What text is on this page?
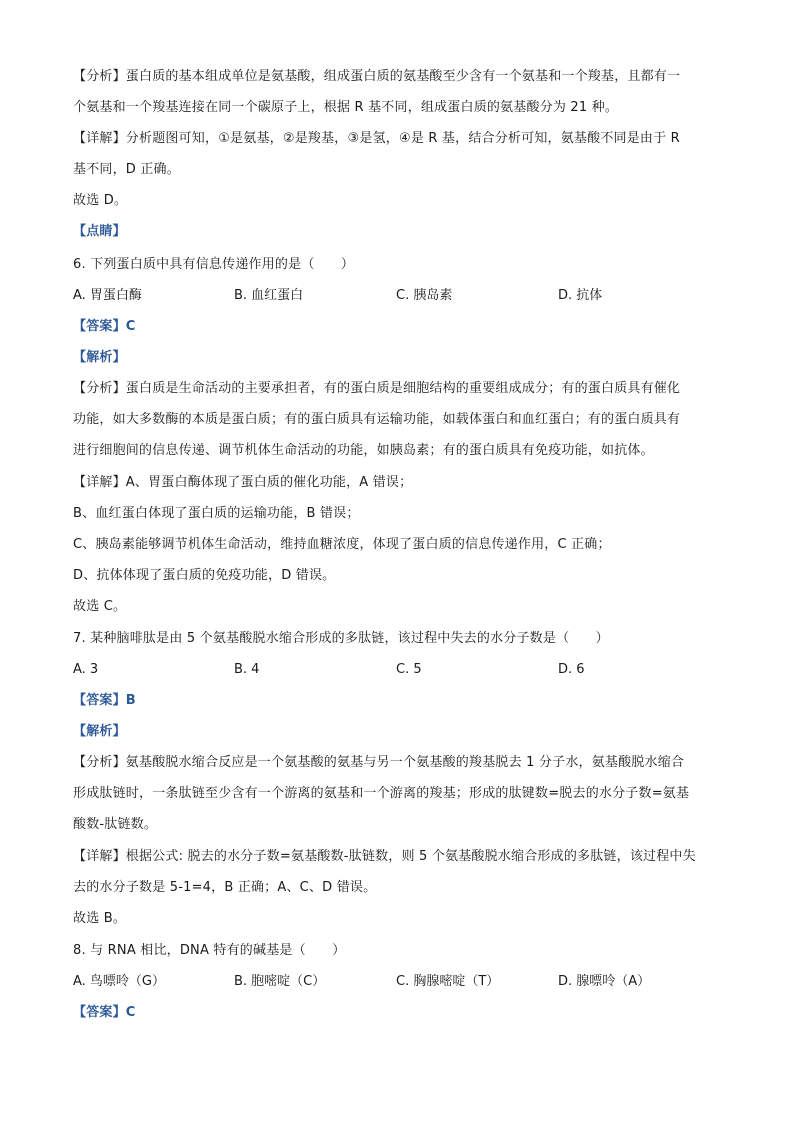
【分析】蛋白质的基本组成单位是氨基酸，组成蛋白质的氨基酸至少含有一个氨基和一个羧基，且都有一
个氨基和一个羧基连接在同一个碳原子上，根据 R 基不同，组成蛋白质的氨基酸分为 21 种。
【详解】分析题图可知，①是氨基，②是羧基，③是氢，④是 R 基，结合分析可知，氨基酸不同是由于 R
基不同，D 正确。
故选 D。
【点睛】
6. 下列蛋白质中具有信息传递作用的是（　　）
A. 胃蛋白酶	B. 血红蛋白	C. 胰岛素	D. 抗体
【答案】C
【解析】
【分析】蛋白质是生命活动的主要承担者，有的蛋白质是细胞结构的重要组成成分；有的蛋白质具有催化
功能，如大多数酶的本质是蛋白质；有的蛋白质具有运输功能，如载体蛋白和血红蛋白；有的蛋白质具有
进行细胞间的信息传递、调节机体生命活动的功能，如胰岛素；有的蛋白质具有免疫功能，如抗体。
【详解】A、胃蛋白酶体现了蛋白质的催化功能，A 错误；
B、血红蛋白体现了蛋白质的运输功能，B 错误；
C、胰岛素能够调节机体生命活动，维持血糖浓度，体现了蛋白质的信息传递作用，C 正确；
D、抗体体现了蛋白质的免疫功能，D 错误。
故选 C。
7. 某种脑啡肽是由 5 个氨基酸脱水缩合形成的多肽链，该过程中失去的水分子数是（　　）
A. 3	B. 4	C. 5	D. 6
【答案】B
【解析】
【分析】氨基酸脱水缩合反应是一个氨基酸的氨基与另一个氨基酸的羧基脱去 1 分子水，氨基酸脱水缩合
形成肽链时，一条肽链至少含有一个游离的氨基和一个游离的羧基；形成的肽键数=脱去的水分子数=氨基
酸数-肽链数。
【详解】根据公式: 脱去的水分子数=氨基酸数-肽链数，则 5 个氨基酸脱水缩合形成的多肽链，该过程中失
去的水分子数是 5-1=4，B 正确；A、C、D 错误。
故选 B。
8. 与 RNA 相比，DNA 特有的碱基是（　　）
A. 鸟嘌呤（G）	B. 胞嘧啶（C）	C. 胸腺嘧啶（T）	D. 腺嘌呤（A）
【答案】C
